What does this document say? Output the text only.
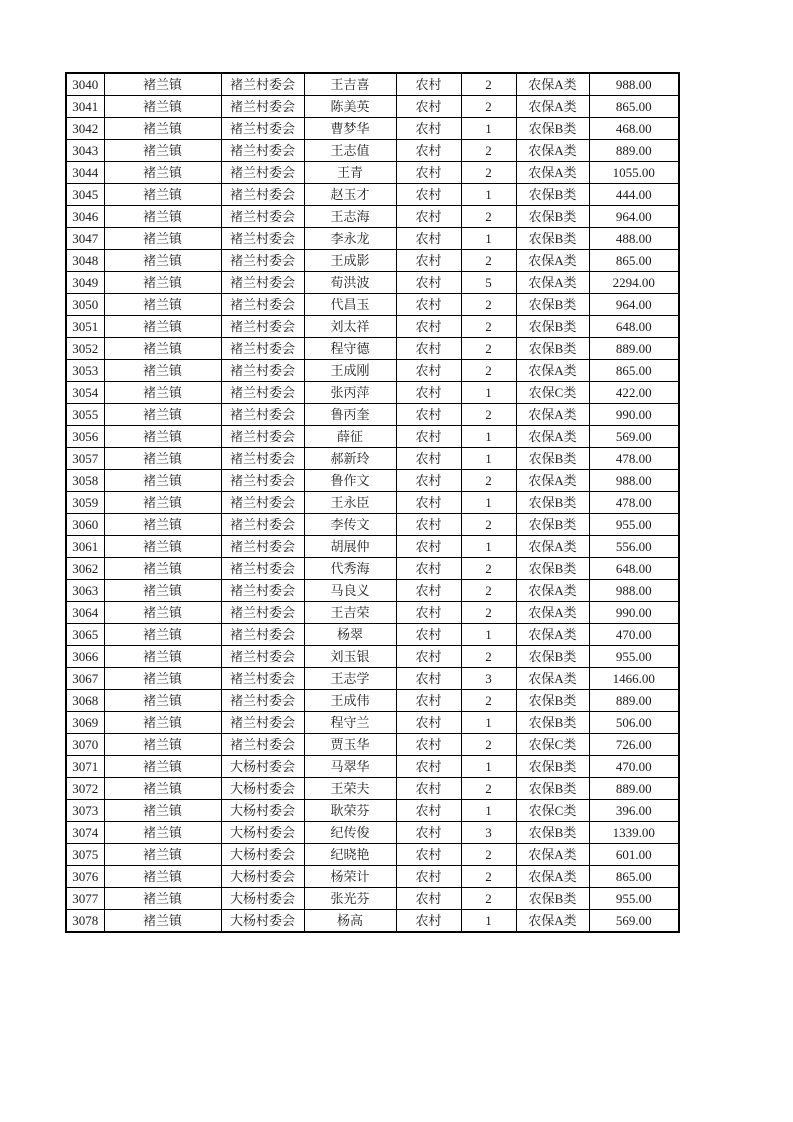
3040	褚兰镇	褚兰村委会	王吉喜	农村	2	农保A类	988.00
3041	褚兰镇	褚兰村委会	陈美英	农村	2	农保A类	865.00
3042	褚兰镇	褚兰村委会	曹梦华	农村	1	农保B类	468.00
3043	褚兰镇	褚兰村委会	王志值	农村	2	农保A类	889.00
3044	褚兰镇	褚兰村委会	王青	农村	2	农保A类	1055.00
3045	褚兰镇	褚兰村委会	赵玉才	农村	1	农保B类	444.00
3046	褚兰镇	褚兰村委会	王志海	农村	2	农保B类	964.00
3047	褚兰镇	褚兰村委会	李永龙	农村	1	农保B类	488.00
3048	褚兰镇	褚兰村委会	王成影	农村	2	农保A类	865.00
3049	褚兰镇	褚兰村委会	荀洪波	农村	5	农保A类	2294.00
3050	褚兰镇	褚兰村委会	代昌玉	农村	2	农保B类	964.00
3051	褚兰镇	褚兰村委会	刘太祥	农村	2	农保B类	648.00
3052	褚兰镇	褚兰村委会	程守德	农村	2	农保B类	889.00
3053	褚兰镇	褚兰村委会	王成刚	农村	2	农保A类	865.00
3054	褚兰镇	褚兰村委会	张丙萍	农村	1	农保C类	422.00
3055	褚兰镇	褚兰村委会	鲁丙奎	农村	2	农保A类	990.00
3056	褚兰镇	褚兰村委会	薛征	农村	1	农保A类	569.00
3057	褚兰镇	褚兰村委会	郝新玲	农村	1	农保B类	478.00
3058	褚兰镇	褚兰村委会	鲁作文	农村	2	农保A类	988.00
3059	褚兰镇	褚兰村委会	王永臣	农村	1	农保B类	478.00
3060	褚兰镇	褚兰村委会	李传文	农村	2	农保B类	955.00
3061	褚兰镇	褚兰村委会	胡展仲	农村	1	农保A类	556.00
3062	褚兰镇	褚兰村委会	代秀海	农村	2	农保B类	648.00
3063	褚兰镇	褚兰村委会	马良义	农村	2	农保A类	988.00
3064	褚兰镇	褚兰村委会	王吉荣	农村	2	农保A类	990.00
3065	褚兰镇	褚兰村委会	杨翠	农村	1	农保A类	470.00
3066	褚兰镇	褚兰村委会	刘玉银	农村	2	农保B类	955.00
3067	褚兰镇	褚兰村委会	王志学	农村	3	农保A类	1466.00
3068	褚兰镇	褚兰村委会	王成伟	农村	2	农保B类	889.00
3069	褚兰镇	褚兰村委会	程守兰	农村	1	农保B类	506.00
3070	褚兰镇	褚兰村委会	贾玉华	农村	2	农保C类	726.00
3071	褚兰镇	大杨村委会	马翠华	农村	1	农保B类	470.00
3072	褚兰镇	大杨村委会	王荣夫	农村	2	农保B类	889.00
3073	褚兰镇	大杨村委会	耿荣芬	农村	1	农保C类	396.00
3074	褚兰镇	大杨村委会	纪传俊	农村	3	农保B类	1339.00
3075	褚兰镇	大杨村委会	纪晓艳	农村	2	农保A类	601.00
3076	褚兰镇	大杨村委会	杨荣计	农村	2	农保A类	865.00
3077	褚兰镇	大杨村委会	张光芬	农村	2	农保B类	955.00
3078	褚兰镇	大杨村委会	杨高	农村	1	农保A类	569.00
